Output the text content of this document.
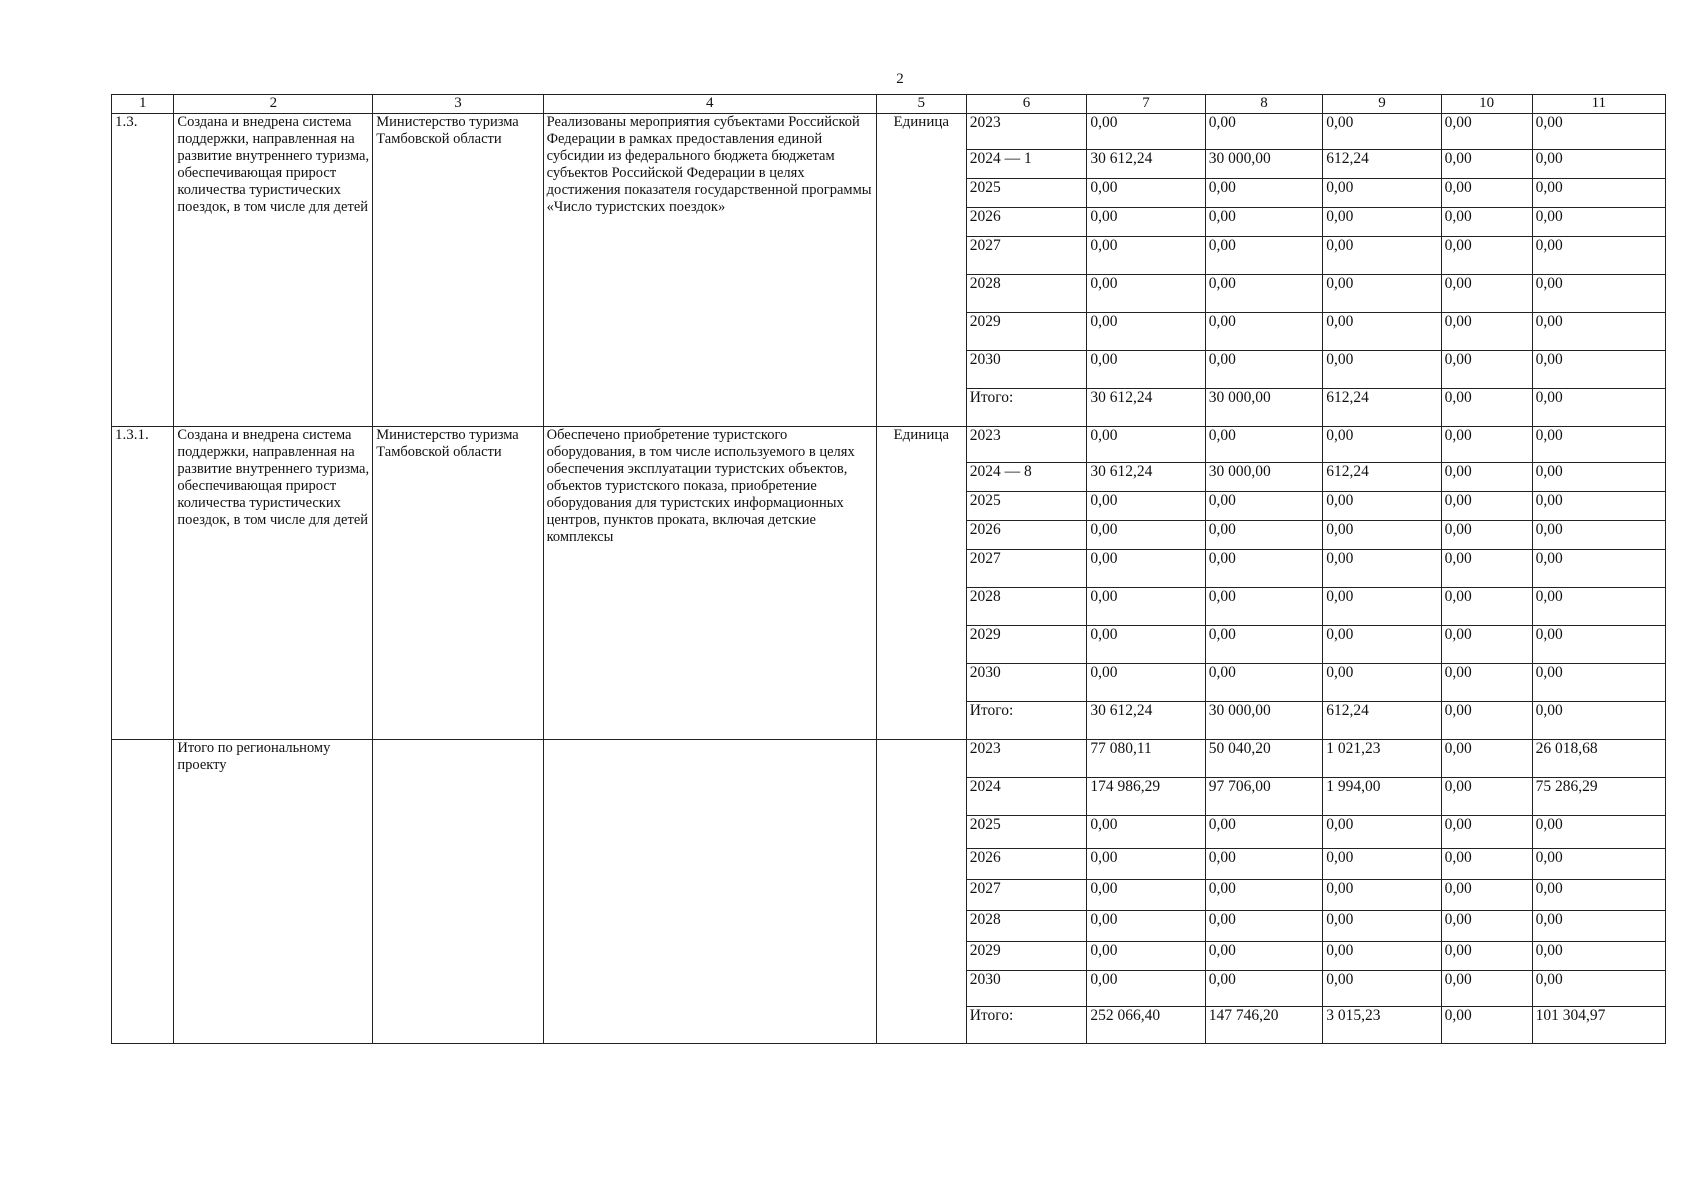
2
1	2	3	4	5	6	7	8	9	10	11
1.3.	Создана и внедрена система поддержки, направленная на развитие внутреннего туризма, обеспечивающая прирост количества туристических поездок, в том числе для детей	Министерство туризма Тамбовской области	Реализованы мероприятия субъектами Российской Федерации в рамках предоставления единой субсидии из федерального бюджета бюджетам субъектов Российской Федерации в целях достижения показателя государственной программы «Число туристских поездок»	Единица	2023	0,00	0,00	0,00	0,00	0,00
					2024 — 1	30 612,24	30 000,00	612,24	0,00	0,00
					2025	0,00	0,00	0,00	0,00	0,00
					2026	0,00	0,00	0,00	0,00	0,00
					2027	0,00	0,00	0,00	0,00	0,00
					2028	0,00	0,00	0,00	0,00	0,00
					2029	0,00	0,00	0,00	0,00	0,00
					2030	0,00	0,00	0,00	0,00	0,00
					Итого:	30 612,24	30 000,00	612,24	0,00	0,00
1.3.1.	Создана и внедрена система поддержки, направленная на развитие внутреннего туризма, обеспечивающая прирост количества туристических поездок, в том числе для детей	Министерство туризма Тамбовской области	Обеспечено приобретение туристского оборудования, в том числе используемого в целях обеспечения эксплуатации туристских объектов, объектов туристского показа, приобретение оборудования для туристских информационных центров, пунктов проката, включая детские комплексы	Единица	2023	0,00	0,00	0,00	0,00	0,00
					2024 — 8	30 612,24	30 000,00	612,24	0,00	0,00
					2025	0,00	0,00	0,00	0,00	0,00
					2026	0,00	0,00	0,00	0,00	0,00
					2027	0,00	0,00	0,00	0,00	0,00
					2028	0,00	0,00	0,00	0,00	0,00
					2029	0,00	0,00	0,00	0,00	0,00
					2030	0,00	0,00	0,00	0,00	0,00
					Итого:	30 612,24	30 000,00	612,24	0,00	0,00
	Итого по региональному проекту				2023	77 080,11	50 040,20	1 021,23	0,00	26 018,68
					2024	174 986,29	97 706,00	1 994,00	0,00	75 286,29
					2025	0,00	0,00	0,00	0,00	0,00
					2026	0,00	0,00	0,00	0,00	0,00
					2027	0,00	0,00	0,00	0,00	0,00
					2028	0,00	0,00	0,00	0,00	0,00
					2029	0,00	0,00	0,00	0,00	0,00
					2030	0,00	0,00	0,00	0,00	0,00
					Итого:	252 066,40	147 746,20	3 015,23	0,00	101 304,97
